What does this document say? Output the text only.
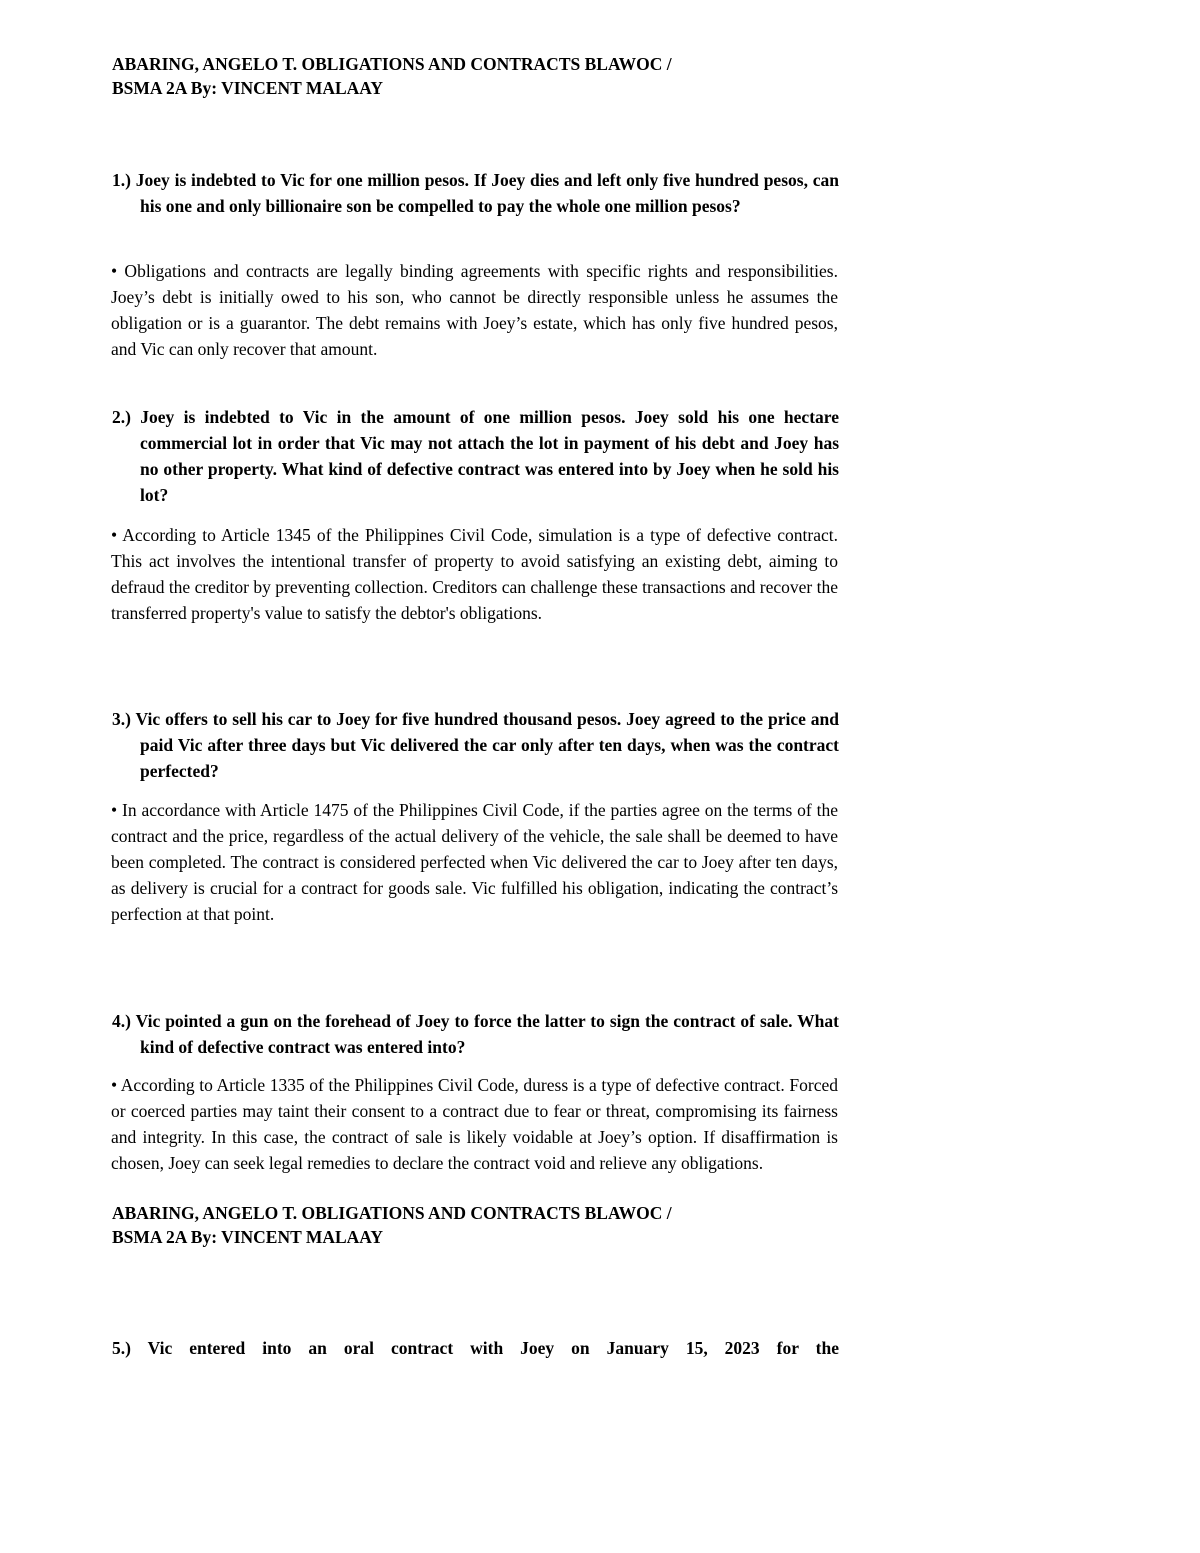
ABARING, ANGELO T. OBLIGATIONS AND CONTRACTS BLAWOC /
BSMA 2A By: VINCENT MALAAY
1.) Joey is indebted to Vic for one million pesos. If Joey dies and left only five hundred pesos, can his one and only billionaire son be compelled to pay the whole one million pesos?
• Obligations and contracts are legally binding agreements with specific rights and responsibilities. Joey’s debt is initially owed to his son, who cannot be directly responsible unless he assumes the obligation or is a guarantor. The debt remains with Joey’s estate, which has only five hundred pesos, and Vic can only recover that amount.
2.) Joey is indebted to Vic in the amount of one million pesos. Joey sold his one hectare commercial lot in order that Vic may not attach the lot in payment of his debt and Joey has no other property. What kind of defective contract was entered into by Joey when he sold his lot?
• According to Article 1345 of the Philippines Civil Code, simulation is a type of defective contract. This act involves the intentional transfer of property to avoid satisfying an existing debt, aiming to defraud the creditor by preventing collection. Creditors can challenge these transactions and recover the transferred property's value to satisfy the debtor's obligations.
3.) Vic offers to sell his car to Joey for five hundred thousand pesos. Joey agreed to the price and paid Vic after three days but Vic delivered the car only after ten days, when was the contract perfected?
• In accordance with Article 1475 of the Philippines Civil Code, if the parties agree on the terms of the contract and the price, regardless of the actual delivery of the vehicle, the sale shall be deemed to have been completed. The contract is considered perfected when Vic delivered the car to Joey after ten days, as delivery is crucial for a contract for goods sale. Vic fulfilled his obligation, indicating the contract’s perfection at that point.
4.) Vic pointed a gun on the forehead of Joey to force the latter to sign the contract of sale. What kind of defective contract was entered into?
• According to Article 1335 of the Philippines Civil Code, duress is a type of defective contract. Forced or coerced parties may taint their consent to a contract due to fear or threat, compromising its fairness and integrity. In this case, the contract of sale is likely voidable at Joey’s option. If disaffirmation is chosen, Joey can seek legal remedies to declare the contract void and relieve any obligations.
ABARING, ANGELO T. OBLIGATIONS AND CONTRACTS BLAWOC /
BSMA 2A By: VINCENT MALAAY
5.) Vic entered into an oral contract with Joey on January 15, 2023 for the
